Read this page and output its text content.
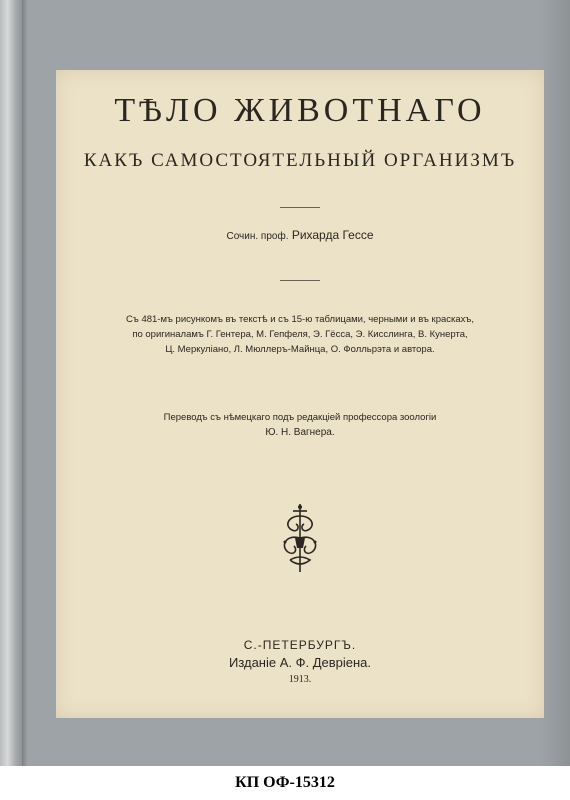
ТѢЛО ЖИВОТНАГО
КАКЪ САМОСТОЯТЕЛЬНЫЙ ОРГАНИЗМЪ
Сочин. проф. Рихарда Гессе
Съ 481-мъ рисункомъ въ текстѣ и съ 15-ю таблицами, черными и въ краскахъ,
по оригиналамъ Г. Гентера, М. Гепфеля, Э. Гёсса, Э. Кисслинга, В. Кунерта,
Ц. Меркуліано, Л. Мюллеръ-Майнца, О. Фолльрэта и автора.
Переводъ съ нѣмецкаго подъ редакціей профессора зоологіи
Ю. Н. Вагнера.
С.-ПЕТЕРБУРГЪ.
Изданіе А. Ф. Девріена.
1913.
КП ОФ-15312
